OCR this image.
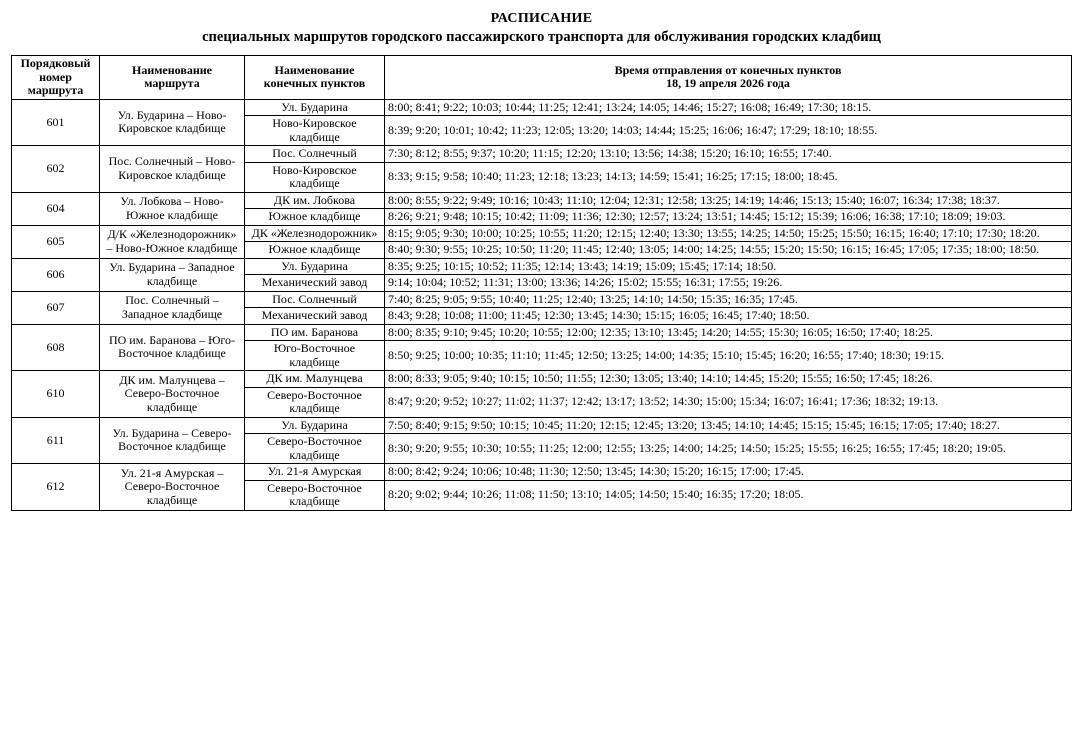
РАСПИСАНИЕ
специальных маршрутов городского пассажирского транспорта для обслуживания городских кладбищ
Порядковый номер маршрута	Наименование маршрута	Наименование конечных пунктов	Время отправления от конечных пунктов
18, 19 апреля 2026 года

601	Ул. Бударина – Ново-Кировское кладбище	Ул. Бударина	8:00; 8:41; 9:22; 10:03; 10:44; 11:25; 12:41; 13:24; 14:05; 14:46; 15:27; 16:08; 16:49; 17:30; 18:15.
		Ново-Кировское кладбище	8:39; 9:20; 10:01; 10:42; 11:23; 12:05; 13:20; 14:03; 14:44; 15:25; 16:06; 16:47; 17:29; 18:10; 18:55.
602	Пос. Солнечный – Ново-Кировское кладбище	Пос. Солнечный	7:30; 8:12; 8:55; 9:37; 10:20; 11:15; 12:20; 13:10; 13:56; 14:38; 15:20; 16:10; 16:55; 17:40.
		Ново-Кировское кладбище	8:33; 9:15; 9:58; 10:40; 11:23; 12:18; 13:23; 14:13; 14:59; 15:41; 16:25; 17:15; 18:00; 18:45.
604	Ул. Лобкова – Ново-Южное кладбище	ДК им. Лобкова	8:00; 8:55; 9:22; 9:49; 10:16; 10:43; 11:10; 12:04; 12:31; 12:58; 13:25; 14:19; 14:46; 15:13; 15:40; 16:07; 16:34; 17:38; 18:37.
		Южное кладбище	8:26; 9:21; 9:48; 10:15; 10:42; 11:09; 11:36; 12:30; 12:57; 13:24; 13:51; 14:45; 15:12; 15:39; 16:06; 16:38; 17:10; 18:09; 19:03.
605	Д/К «Железнодорожник» – Ново-Южное кладбище	ДК «Железнодорожник»	8:15; 9:05; 9:30; 10:00; 10:25; 10:55; 11:20; 12:15; 12:40; 13:30; 13:55; 14:25; 14:50; 15:25; 15:50; 16:15; 16:40; 17:10; 17:30; 18:20.
		Южное кладбище	8:40; 9:30; 9:55; 10:25; 10:50; 11:20; 11:45; 12:40; 13:05; 14:00; 14:25; 14:55; 15:20; 15:50; 16:15; 16:45; 17:05; 17:35; 18:00; 18:50.
606	Ул. Бударина – Западное кладбище	Ул. Бударина	8:35; 9:25; 10:15; 10:52; 11:35; 12:14; 13:43; 14:19; 15:09; 15:45; 17:14; 18:50.
		Механический завод	9:14; 10:04; 10:52; 11:31; 13:00; 13:36; 14:26; 15:02; 15:55; 16:31; 17:55; 19:26.
607	Пос. Солнечный – Западное кладбище	Пос. Солнечный	7:40; 8:25; 9:05; 9:55; 10:40; 11:25; 12:40; 13:25; 14:10; 14:50; 15:35; 16:35; 17:45.
		Механический завод	8:43; 9:28; 10:08; 11:00; 11:45; 12:30; 13:45; 14:30; 15:15; 16:05; 16:45; 17:40; 18:50.
608	ПО им. Баранова – Юго-Восточное кладбище	ПО им. Баранова	8:00; 8:35; 9:10; 9:45; 10:20; 10:55; 12:00; 12:35; 13:10; 13:45; 14:20; 14:55; 15:30; 16:05; 16:50; 17:40; 18:25.
		Юго-Восточное кладбище	8:50; 9:25; 10:00; 10:35; 11:10; 11:45; 12:50; 13:25; 14:00; 14:35; 15:10; 15:45; 16:20; 16:55; 17:40; 18:30; 19:15.
610	ДК им. Малунцева – Северо-Восточное кладбище	ДК им. Малунцева	8:00; 8:33; 9:05; 9:40; 10:15; 10:50; 11:55; 12:30; 13:05; 13:40; 14:10; 14:45; 15:20; 15:55; 16:50; 17:45; 18:26.
		Северо-Восточное кладбище	8:47; 9:20; 9:52; 10:27; 11:02; 11:37; 12:42; 13:17; 13:52; 14:30; 15:00; 15:34; 16:07; 16:41; 17:36; 18:32; 19:13.
611	Ул. Бударина – Северо-Восточное кладбище	Ул. Бударина	7:50; 8:40; 9:15; 9:50; 10:15; 10:45; 11:20; 12:15; 12:45; 13:20; 13:45; 14:10; 14:45; 15:15; 15:45; 16:15; 17:05; 17:40; 18:27.
		Северо-Восточное кладбище	8:30; 9:20; 9:55; 10:30; 10:55; 11:25; 12:00; 12:55; 13:25; 14:00; 14:25; 14:50; 15:25; 15:55; 16:25; 16:55; 17:45; 18:20; 19:05.
612	Ул. 21-я Амурская – Северо-Восточное кладбище	Ул. 21-я Амурская	8:00; 8:42; 9:24; 10:06; 10:48; 11:30; 12:50; 13:45; 14:30; 15:20; 16:15; 17:00; 17:45.
		Северо-Восточное кладбище	8:20; 9:02; 9:44; 10:26; 11:08; 11:50; 13:10; 14:05; 14:50; 15:40; 16:35; 17:20; 18:05.
